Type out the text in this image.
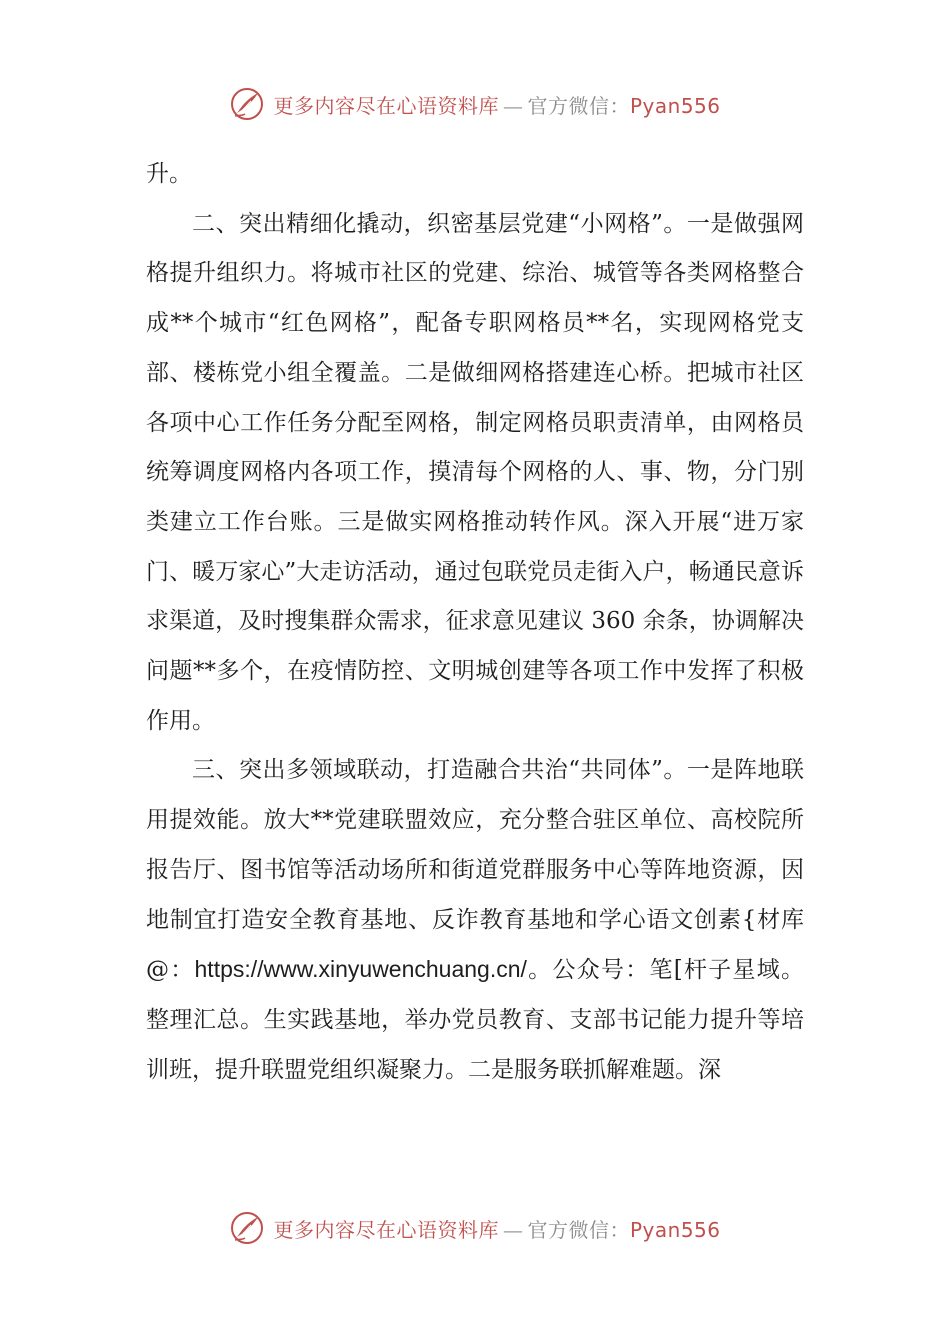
更多内容尽在心语资料库 — 官方微信：Pyan556

升。

二、突出精细化撬动，织密基层党建“小网格”。一是做强网格提升组织力。将城市社区的党建、综治、城管等各类网格整合成**个城市“红色网格”，配备专职网格员**名，实现网格党支部、楼栋党小组全覆盖。二是做细网格搭建连心桥。把城市社区各项中心工作任务分配至网格，制定网格员职责清单，由网格员统筹调度网格内各项工作，摸清每个网格的人、事、物，分门别类建立工作台账。三是做实网格推动转作风。深入开展“进万家门、暖万家心”大走访活动，通过包联党员走街入户，畅通民意诉求渠道，及时搜集群众需求，征求意见建议 360 余条，协调解决问题**多个，在疫情防控、文明城创建等各项工作中发挥了积极作用。

三、突出多领域联动，打造融合共治“共同体”。一是阵地联用提效能。放大**党建联盟效应，充分整合驻区单位、高校院所报告厅、图书馆等活动场所和街道党群服务中心等阵地资源，因地制宜打造安全教育基地、反诈教育基地和学心语文创素{材库@：https://www.xinyuwenchuang.cn/。公众号：笔[杆子星域。整理汇总。生实践基地，举办党员教育、支部书记能力提升等培训班，提升联盟党组织凝聚力。二是服务联抓解难题。深

更多内容尽在心语资料库 — 官方微信：Pyan556
